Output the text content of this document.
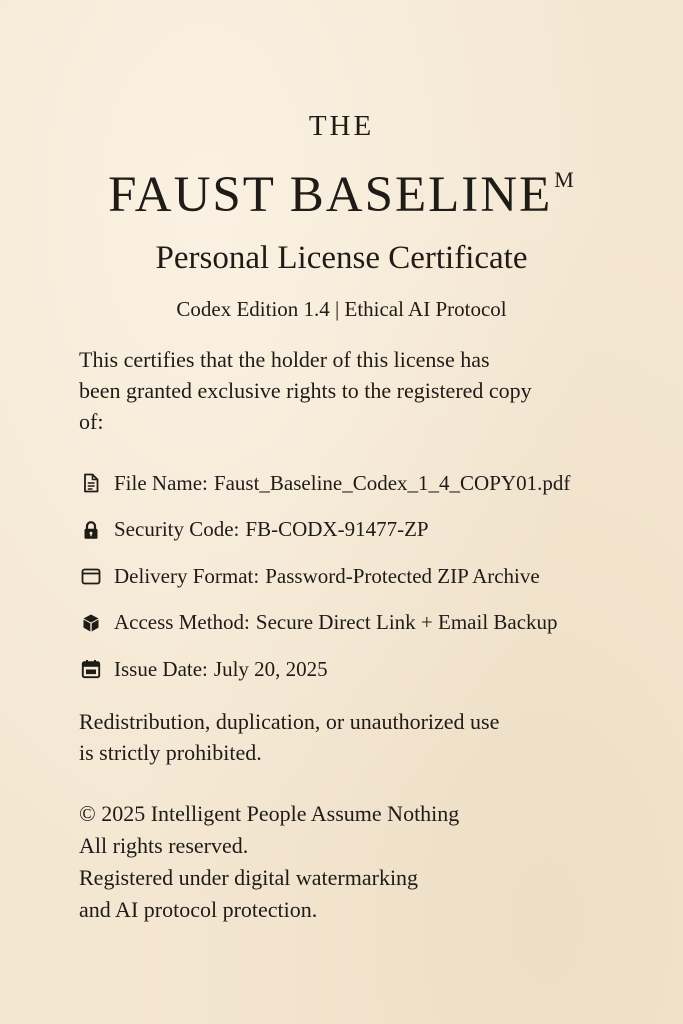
THE
FAUST $BASELINE^M$
Personal License Certificate
Codex Edition 1.4 | Ethical AI Protocol
This certifies that the holder of this license has
been granted exclusive rights to the registered copy
of:
File Name: Faust_Baseline_Codex_1_4_COPY01.pdf
Security Code: FB-CODX-91477-ZP
Delivery Format: Password-Protected ZIP Archive
Access Method: Secure Direct Link + Email Backup
Issue Date: July 20, 2025
Redistribution, duplication, or unauthorized use
is strictly prohibited.
© 2025 Intelligent People Assume Nothing
All rights reserved.
Registered under digital watermarking
and AI protocol protection.
